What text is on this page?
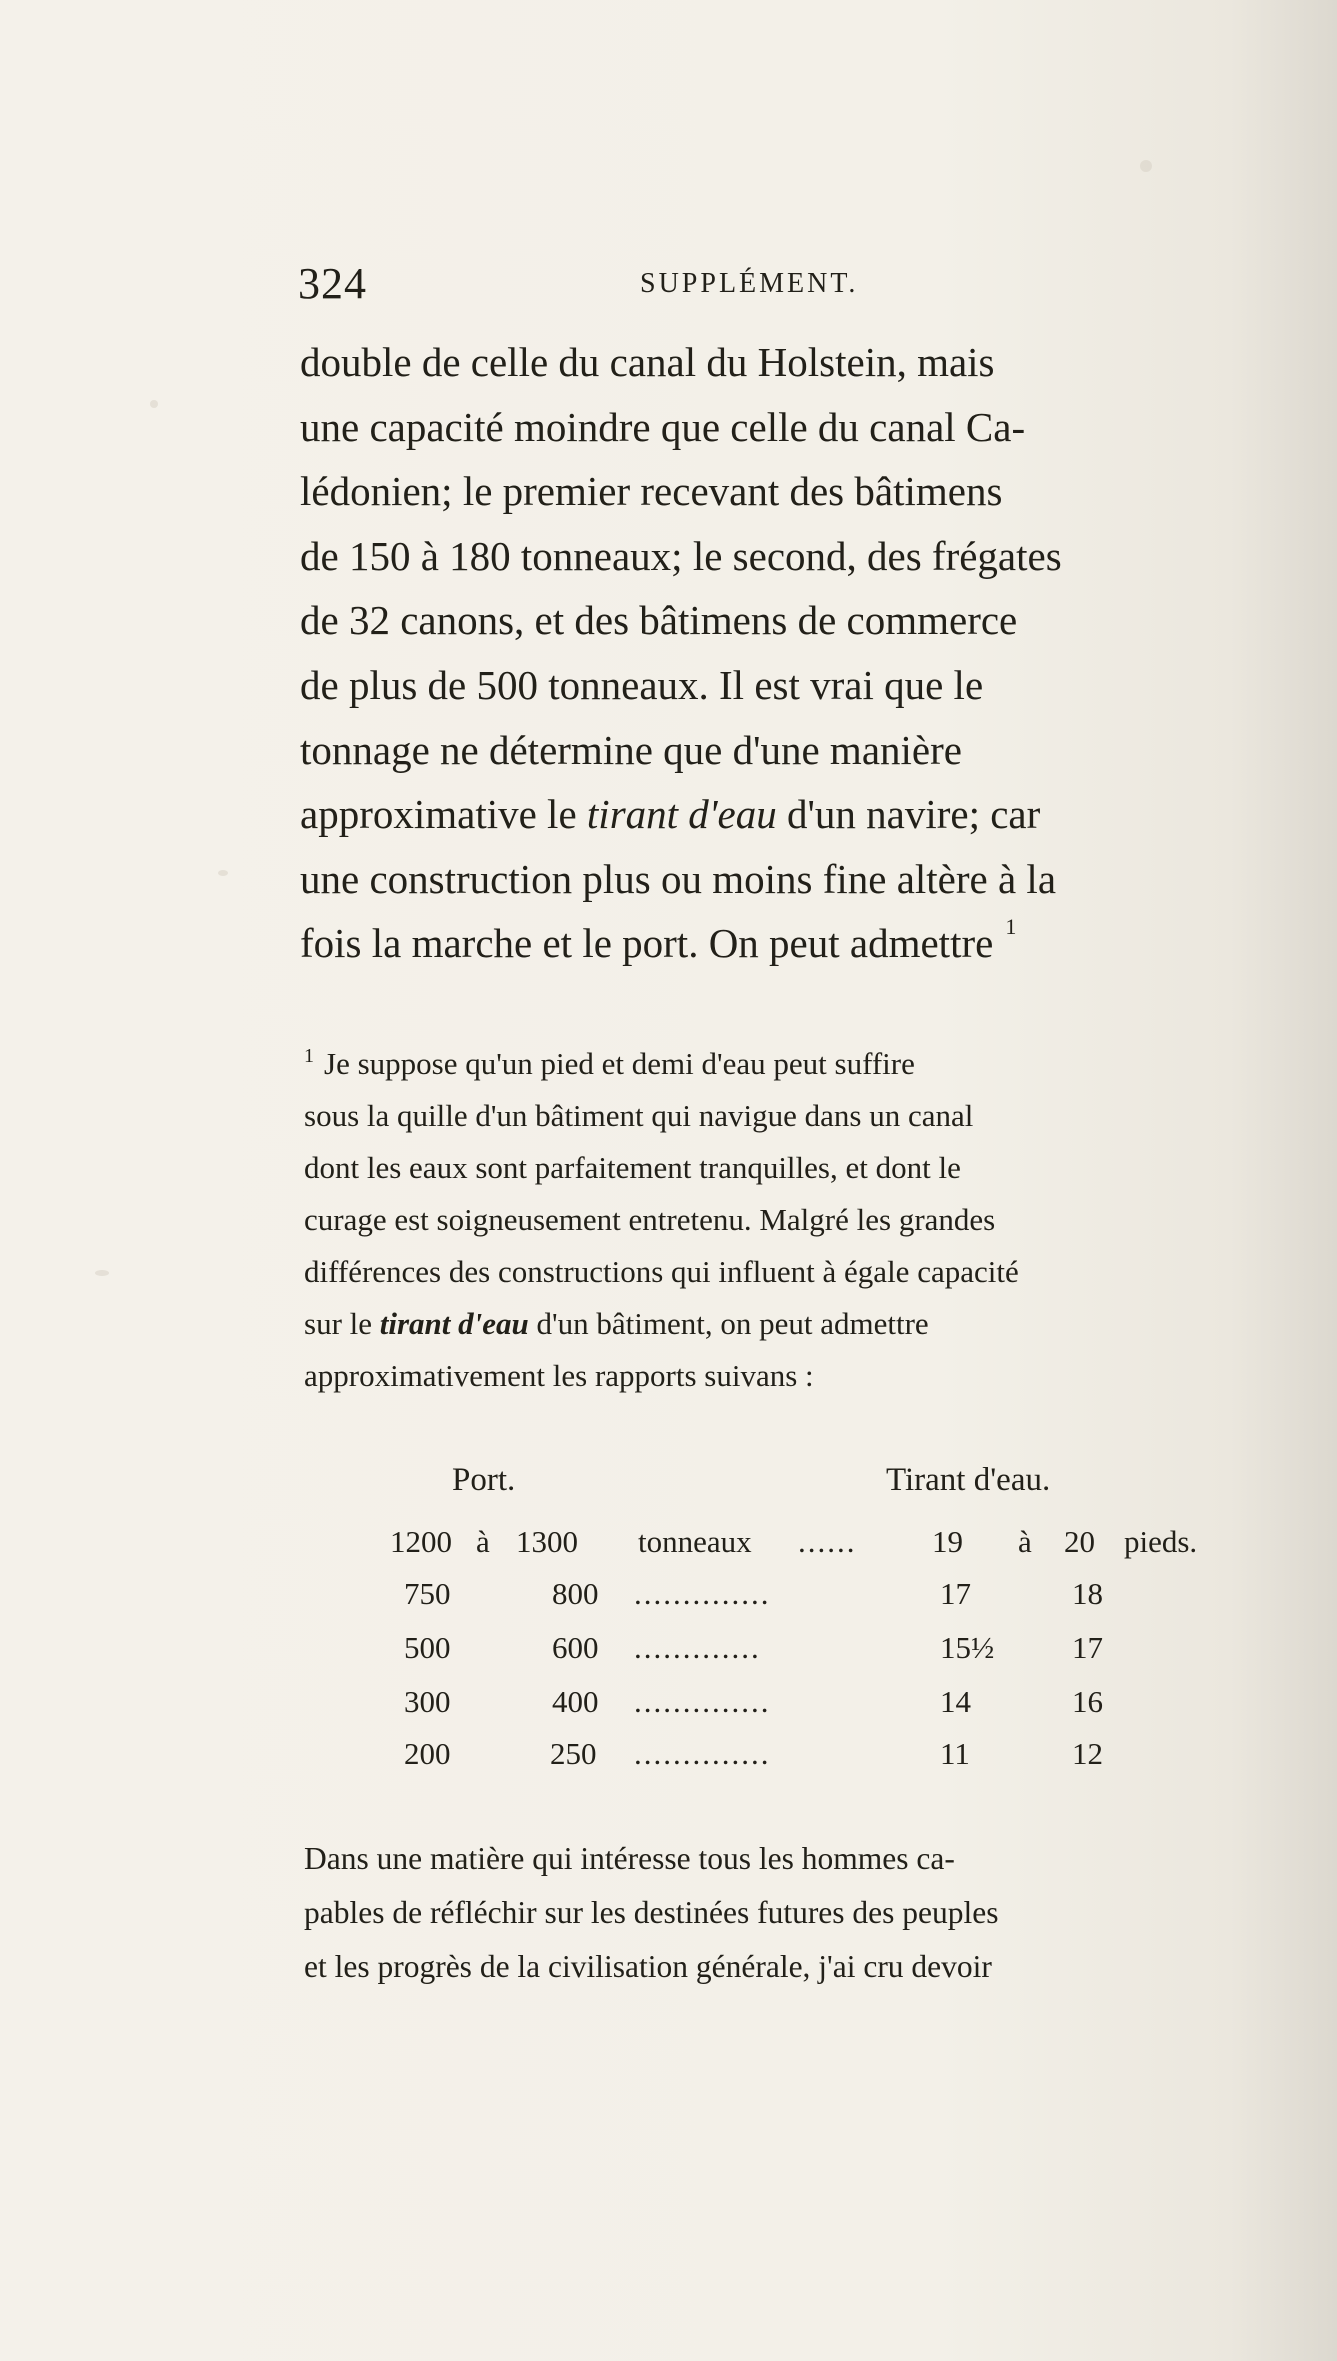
324	SUPPLÉMENT.
double de celle du canal du Holstein, mais
une capacité moindre que celle du canal Ca-
lédonien; le premier recevant des bâtimens
de 150 à 180 tonneaux; le second, des frégates
de 32 canons, et des bâtimens de commerce
de plus de 500 tonneaux. Il est vrai que le
tonnage ne détermine que d'une manière
approximative le tirant d'eau d'un navire; car
une construction plus ou moins fine altère à la
fois la marche et le port. On peut admettre 1
$^1$ Je suppose qu'un pied et demi d'eau peut suffire
sous la quille d'un bâtiment qui navigue dans un canal
dont les eaux sont parfaitement tranquilles, et dont le
curage est soigneusement entretenu. Malgré les grandes
différences des constructions qui influent à égale capacité
sur le tirant d'eau d'un bâtiment, on peut admettre
approximativement les rapports suivans :
Port.	Tirant d'eau.
1200 à 1300 tonneaux ...... 19 à 20 pieds.
750	800 ..............	17	18
500	600 .............	15½	17
300	400 ..............	14	16
200	250 ..............	11	12
Dans une matière qui intéresse tous les hommes ca-
pables de réfléchir sur les destinées futures des peuples
et les progrès de la civilisation générale, j'ai cru devoir
